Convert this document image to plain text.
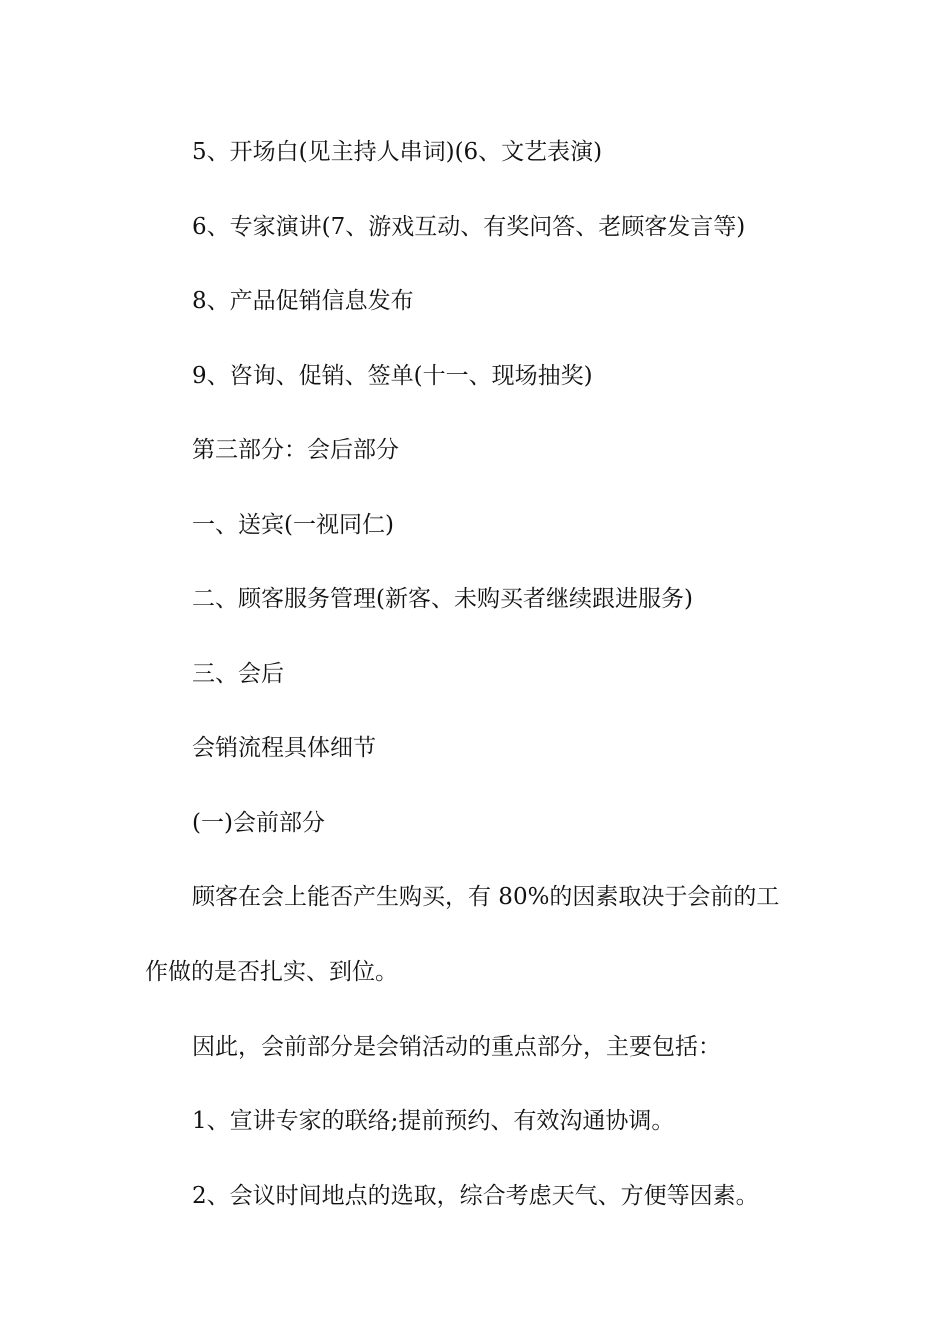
5、开场白(见主持人串词)(6、文艺表演)
6、专家演讲(7、游戏互动、有奖问答、老顾客发言等)
8、产品促销信息发布
9、咨询、促销、签单(十一、现场抽奖)
第三部分：会后部分
一、送宾(一视同仁)
二、顾客服务管理(新客、未购买者继续跟进服务)
三、会后
会销流程具体细节
(一)会前部分
顾客在会上能否产生购买，有 80%的因素取决于会前的工
作做的是否扎实、到位。
因此，会前部分是会销活动的重点部分，主要包括：
1、宣讲专家的联络;提前预约、有效沟通协调。
2、会议时间地点的选取，综合考虑天气、方便等因素。
